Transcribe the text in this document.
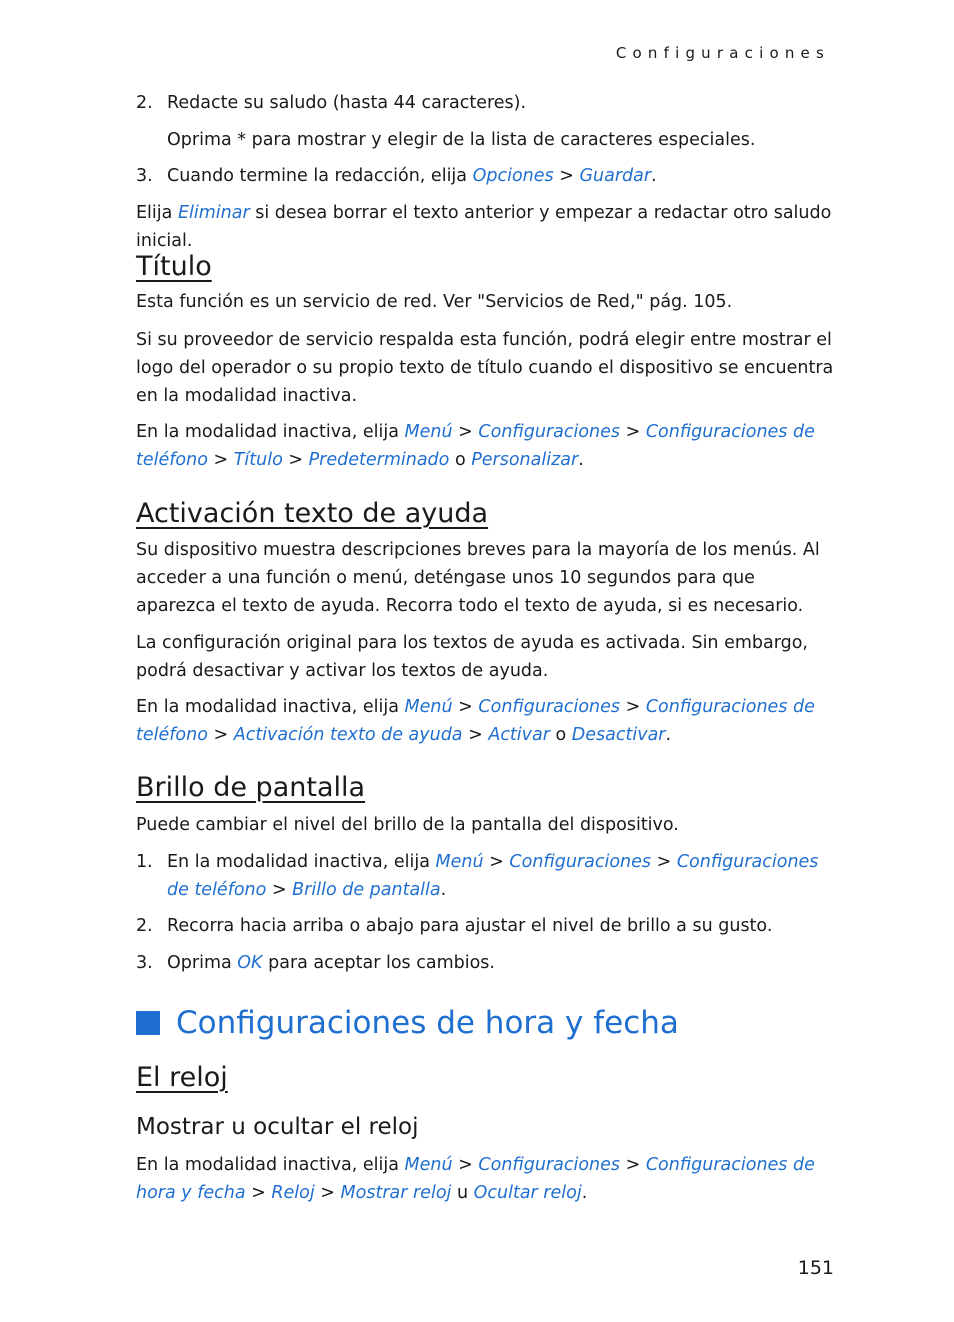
Configuraciones
2. Redacte su saludo (hasta 44 caracteres).

Oprima * para mostrar y elegir de la lista de caracteres especiales.

3. Cuando termine la redacción, elija Opciones > Guardar.

Elija Eliminar si desea borrar el texto anterior y empezar a redactar otro saludo inicial.

Título

Esta función es un servicio de red. Ver "Servicios de Red," pág. 105.

Si su proveedor de servicio respalda esta función, podrá elegir entre mostrar el logo del operador o su propio texto de título cuando el dispositivo se encuentra en la modalidad inactiva.

En la modalidad inactiva, elija Menú > Configuraciones > Configuraciones de teléfono > Título > Predeterminado o Personalizar.

Activación texto de ayuda

Su dispositivo muestra descripciones breves para la mayoría de los menús. Al acceder a una función o menú, deténgase unos 10 segundos para que aparezca el texto de ayuda. Recorra todo el texto de ayuda, si es necesario.

La configuración original para los textos de ayuda es activada. Sin embargo, podrá desactivar y activar los textos de ayuda.

En la modalidad inactiva, elija Menú > Configuraciones > Configuraciones de teléfono > Activación texto de ayuda > Activar o Desactivar.

Brillo de pantalla

Puede cambiar el nivel del brillo de la pantalla del dispositivo.

1. En la modalidad inactiva, elija Menú > Configuraciones > Configuraciones de teléfono > Brillo de pantalla.

2. Recorra hacia arriba o abajo para ajustar el nivel de brillo a su gusto.

3. Oprima OK para aceptar los cambios.

Configuraciones de hora y fecha
El reloj
Mostrar u ocultar el reloj

En la modalidad inactiva, elija Menú > Configuraciones > Configuraciones de hora y fecha > Reloj > Mostrar reloj u Ocultar reloj.

151
